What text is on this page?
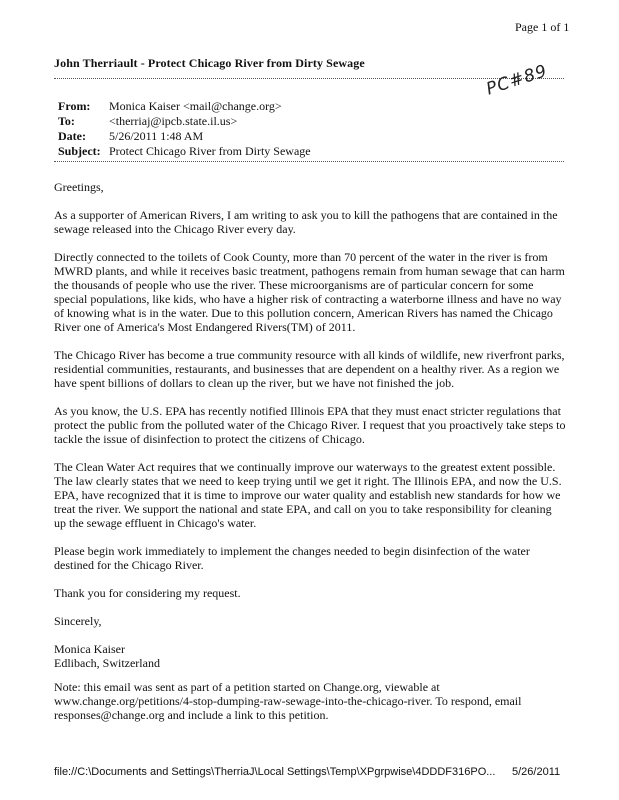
Page 1 of 1
John Therriault - Protect Chicago River from Dirty Sewage
From:	Monica Kaiser <mail@change.org>
To:	<therriaj@ipcb.state.il.us>
Date:	5/26/2011 1:48 AM
Subject: Protect Chicago River from Dirty Sewage
PC#89
Greetings,

As a supporter of American Rivers, I am writing to ask you to kill the pathogens that are contained in the sewage released into the Chicago River every day.

Directly connected to the toilets of Cook County, more than 70 percent of the water in the river is from MWRD plants, and while it receives basic treatment, pathogens remain from human sewage that can harm the thousands of people who use the river. These microorganisms are of particular concern for some special populations, like kids, who have a higher risk of contracting a waterborne illness and have no way of knowing what is in the water. Due to this pollution concern, American Rivers has named the Chicago River one of America's Most Endangered Rivers(TM) of 2011.

The Chicago River has become a true community resource with all kinds of wildlife, new riverfront parks, residential communities, restaurants, and businesses that are dependent on a healthy river. As a region we have spent billions of dollars to clean up the river, but we have not finished the job.

As you know, the U.S. EPA has recently notified Illinois EPA that they must enact stricter regulations that protect the public from the polluted water of the Chicago River. I request that you proactively take steps to tackle the issue of disinfection to protect the citizens of Chicago.

The Clean Water Act requires that we continually improve our waterways to the greatest extent possible. The law clearly states that we need to keep trying until we get it right. The Illinois EPA, and now the U.S. EPA, have recognized that it is time to improve our water quality and establish new standards for how we treat the river. We support the national and state EPA, and call on you to take responsibility for cleaning up the sewage effluent in Chicago's water.

Please begin work immediately to implement the changes needed to begin disinfection of the water destined for the Chicago River.

Thank you for considering my request.

Sincerely,

Monica Kaiser
Edlibach, Switzerland
Note: this email was sent as part of a petition started on Change.org, viewable at www.change.org/petitions/4-stop-dumping-raw-sewage-into-the-chicago-river. To respond, email responses@change.org and include a link to this petition.
file://C:\Documents and Settings\TherriaJ\Local Settings\Temp\XPgrpwise\4DDDF316PO... 5/26/2011
